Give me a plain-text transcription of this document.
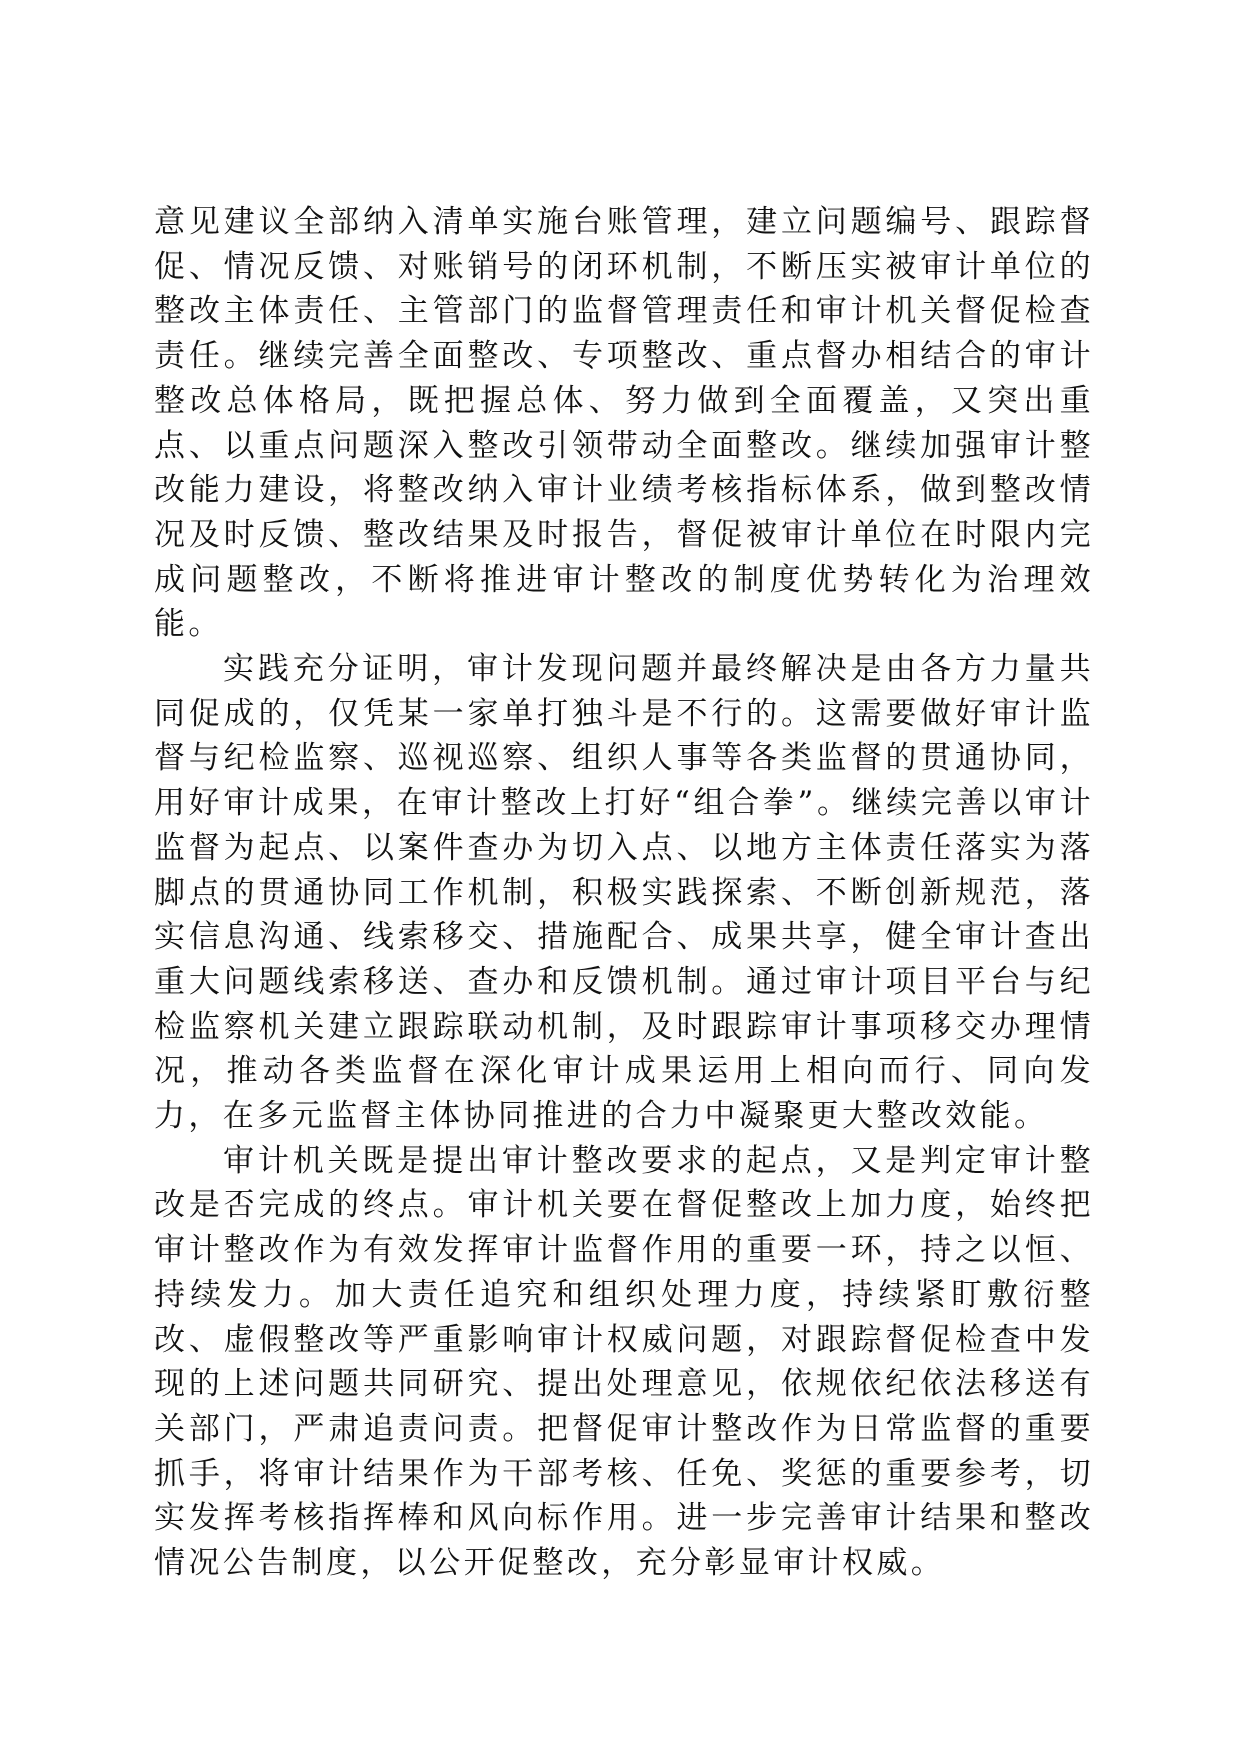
意见建议全部纳入清单实施台账管理，建立问题编号、跟踪督促、情况反馈、对账销号的闭环机制，不断压实被审计单位的整改主体责任、主管部门的监督管理责任和审计机关督促检查责任。继续完善全面整改、专项整改、重点督办相结合的审计整改总体格局，既把握总体、努力做到全面覆盖，又突出重点、以重点问题深入整改引领带动全面整改。继续加强审计整改能力建设，将整改纳入审计业绩考核指标体系，做到整改情况及时反馈、整改结果及时报告，督促被审计单位在时限内完成问题整改，不断将推进审计整改的制度优势转化为治理效能。

实践充分证明，审计发现问题并最终解决是由各方力量共同促成的，仅凭某一家单打独斗是不行的。这需要做好审计监督与纪检监察、巡视巡察、组织人事等各类监督的贯通协同，用好审计成果，在审计整改上打好“组合拳”。继续完善以审计监督为起点、以案件查办为切入点、以地方主体责任落实为落脚点的贯通协同工作机制，积极实践探索、不断创新规范，落实信息沟通、线索移交、措施配合、成果共享，健全审计查出重大问题线索移送、查办和反馈机制。通过审计项目平台与纪检监察机关建立跟踪联动机制，及时跟踪审计事项移交办理情况，推动各类监督在深化审计成果运用上相向而行、同向发力，在多元监督主体协同推进的合力中凝聚更大整改效能。

审计机关既是提出审计整改要求的起点，又是判定审计整改是否完成的终点。审计机关要在督促整改上加力度，始终把审计整改作为有效发挥审计监督作用的重要一环，持之以恒、持续发力。加大责任追究和组织处理力度，持续紧盯敷衍整改、虚假整改等严重影响审计权威问题，对跟踪督促检查中发现的上述问题共同研究、提出处理意见，依规依纪依法移送有关部门，严肃追责问责。把督促审计整改作为日常监督的重要抓手，将审计结果作为干部考核、任免、奖惩的重要参考，切实发挥考核指挥棒和风向标作用。进一步完善审计结果和整改情况公告制度，以公开促整改，充分彰显审计权威。
